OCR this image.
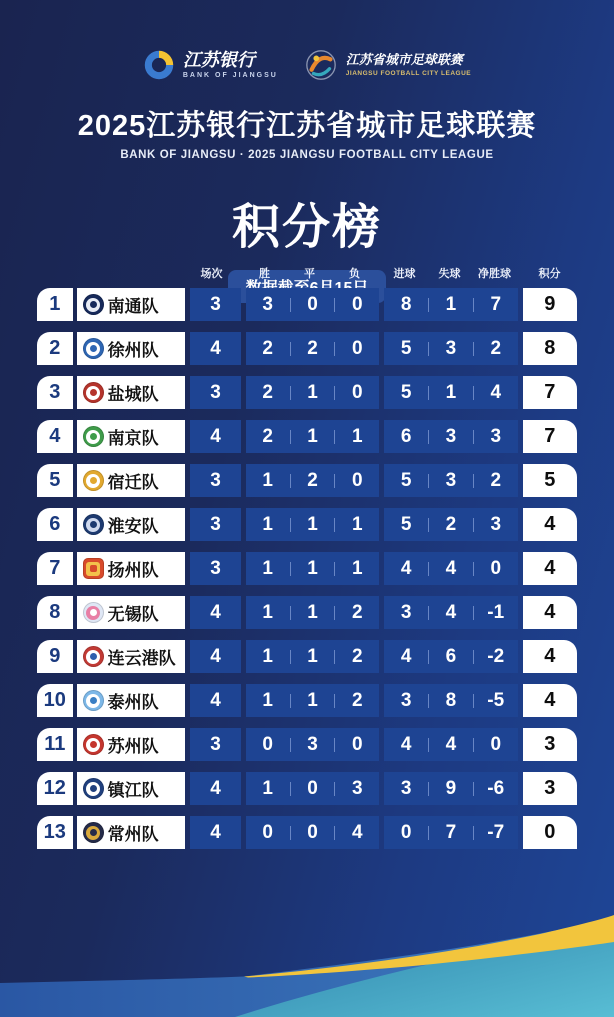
江苏银行
BANK OF JIANGSU
江苏省城市足球联赛
JIANGSU FOOTBALL CITY LEAGUE
2025江苏银行江苏省城市足球联赛
BANK OF JIANGSU · 2025 JIANGSU FOOTBALL CITY LEAGUE
积分榜
场次	胜	平	负	进球	失球	净胜球	积分
1	南通队	3	3	0	0	8	1	7	9
2	徐州队	4	2	2	0	5	3	2	8
3	盐城队	3	2	1	0	5	1	4	7
4	南京队	4	2	1	1	6	3	3	7
5	宿迁队	3	1	2	0	5	3	2	5
6	淮安队	3	1	1	1	5	2	3	4
7	扬州队	3	1	1	1	4	4	0	4
8	无锡队	4	1	1	2	3	4	-1	4
9	连云港队	4	1	1	2	4	6	-2	4
10	泰州队	4	1	1	2	3	8	-5	4
11	苏州队	3	0	3	0	4	4	0	3
12	镇江队	4	1	0	3	3	9	-6	3
13	常州队	4	0	0	4	0	7	-7	0
